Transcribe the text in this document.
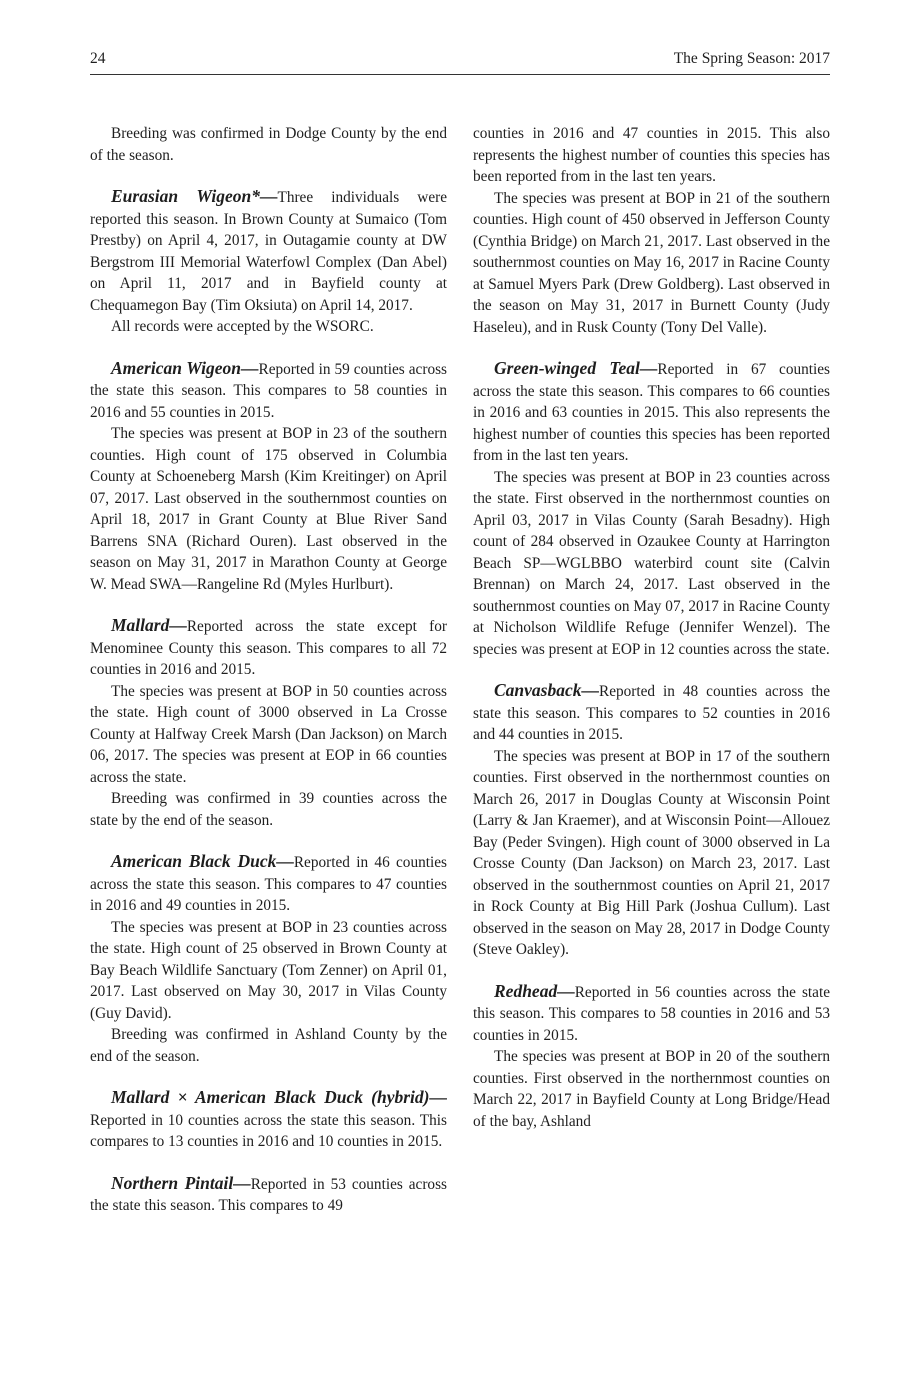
24	The Spring Season: 2017

Breeding was confirmed in Dodge County by the end of the season.

Eurasian Wigeon*—Three individuals were reported this season. In Brown County at Sumaico (Tom Prestby) on April 4, 2017, in Outagamie county at DW Bergstrom III Memorial Waterfowl Complex (Dan Abel) on April 11, 2017 and in Bayfield county at Chequamegon Bay (Tim Oksiuta) on April 14, 2017.

All records were accepted by the WSORC.

American Wigeon—Reported in 59 counties across the state this season. This compares to 58 counties in 2016 and 55 counties in 2015.

The species was present at BOP in 23 of the southern counties. High count of 175 observed in Columbia County at Schoeneberg Marsh (Kim Kreitinger) on April 07, 2017. Last observed in the southernmost counties on April 18, 2017 in Grant County at Blue River Sand Barrens SNA (Richard Ouren). Last observed in the season on May 31, 2017 in Marathon County at George W. Mead SWA—Rangeline Rd (Myles Hurlburt).

Mallard—Reported across the state except for Menominee County this season. This compares to all 72 counties in 2016 and 2015.

The species was present at BOP in 50 counties across the state. High count of 3000 observed in La Crosse County at Halfway Creek Marsh (Dan Jackson) on March 06, 2017. The species was present at EOP in 66 counties across the state.

Breeding was confirmed in 39 counties across the state by the end of the season.

American Black Duck—Reported in 46 counties across the state this season. This compares to 47 counties in 2016 and 49 counties in 2015.

The species was present at BOP in 23 counties across the state. High count of 25 observed in Brown County at Bay Beach Wildlife Sanctuary (Tom Zenner) on April 01, 2017. Last observed on May 30, 2017 in Vilas County (Guy David).

Breeding was confirmed in Ashland County by the end of the season.

Mallard × American Black Duck (hybrid)—Reported in 10 counties across the state this season. This compares to 13 counties in 2016 and 10 counties in 2015.

Northern Pintail—Reported in 53 counties across the state this season. This compares to 49

counties in 2016 and 47 counties in 2015. This also represents the highest number of counties this species has been reported from in the last ten years.

The species was present at BOP in 21 of the southern counties. High count of 450 observed in Jefferson County (Cynthia Bridge) on March 21, 2017. Last observed in the southernmost counties on May 16, 2017 in Racine County at Samuel Myers Park (Drew Goldberg). Last observed in the season on May 31, 2017 in Burnett County (Judy Haseleu), and in Rusk County (Tony Del Valle).

Green-winged Teal—Reported in 67 counties across the state this season. This compares to 66 counties in 2016 and 63 counties in 2015. This also represents the highest number of counties this species has been reported from in the last ten years.

The species was present at BOP in 23 counties across the state. First observed in the northernmost counties on April 03, 2017 in Vilas County (Sarah Besadny). High count of 284 observed in Ozaukee County at Harrington Beach SP—WGLBBO waterbird count site (Calvin Brennan) on March 24, 2017. Last observed in the southernmost counties on May 07, 2017 in Racine County at Nicholson Wildlife Refuge (Jennifer Wenzel). The species was present at EOP in 12 counties across the state.

Canvasback—Reported in 48 counties across the state this season. This compares to 52 counties in 2016 and 44 counties in 2015.

The species was present at BOP in 17 of the southern counties. First observed in the northernmost counties on March 26, 2017 in Douglas County at Wisconsin Point (Larry & Jan Kraemer), and at Wisconsin Point—Allouez Bay (Peder Svingen). High count of 3000 observed in La Crosse County (Dan Jackson) on March 23, 2017. Last observed in the southernmost counties on April 21, 2017 in Rock County at Big Hill Park (Joshua Cullum). Last observed in the season on May 28, 2017 in Dodge County (Steve Oakley).

Redhead—Reported in 56 counties across the state this season. This compares to 58 counties in 2016 and 53 counties in 2015.

The species was present at BOP in 20 of the southern counties. First observed in the northernmost counties on March 22, 2017 in Bayfield County at Long Bridge/Head of the bay, Ashland
